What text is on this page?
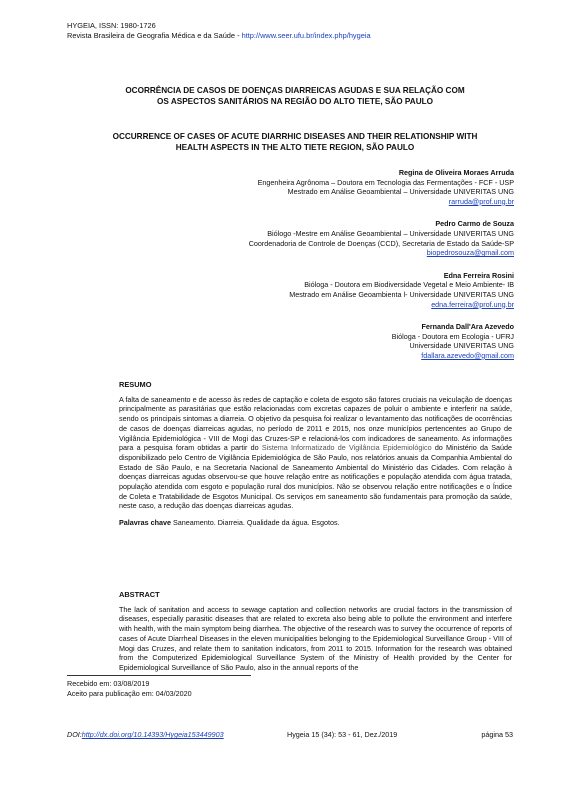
HYGEIA, ISSN: 1980-1726
Revista Brasileira de Geografia Médica e da Saúde - http://www.seer.ufu.br/index.php/hygeia
OCORRÊNCIA DE CASOS DE DOENÇAS DIARREICAS AGUDAS E SUA RELAÇÃO COM
OS ASPECTOS SANITÁRIOS NA REGIÃO DO ALTO TIETE, SÃO PAULO
OCCURRENCE OF CASES OF ACUTE DIARRHIC DISEASES AND THEIR RELATIONSHIP WITH
HEALTH ASPECTS IN THE ALTO TIETE REGION, SÃO PAULO
Regina de Oliveira Moraes Arruda
Engenheira Agrônoma – Doutora em Tecnologia das Fermentações - FCF - USP
Mestrado em Análise Geoambiental – Universidade UNIVERITAS UNG
rarruda@prof.ung.br
Pedro Carmo de Souza
Biólogo -Mestre em Análise Geoambiental – Universidade UNIVERITAS UNG
Coordenadoria de Controle de Doenças (CCD), Secretaria de Estado da Saúde-SP
biopedrosouza@gmail.com
Edna Ferreira Rosini
Bióloga - Doutora em Biodiversidade Vegetal e Meio Ambiente- IB
Mestrado em Análise Geoambienta l- Universidade UNIVERITAS UNG
edna.ferreira@prof.ung.br
Fernanda Dall'Ara Azevedo
Bióloga - Doutora em Ecologia - UFRJ
Universidade UNIVERITAS UNG
fdallara.azevedo@gmail.com
RESUMO

A falta de saneamento e de acesso às redes de captação e coleta de esgoto são fatores cruciais na veiculação de doenças principalmente as parasitárias que estão relacionadas com excretas capazes de poluir o ambiente e interferir na saúde, sendo os principais sintomas a diarreia. O objetivo da pesquisa foi realizar o levantamento das notificações de ocorrências de casos de doenças diarreicas agudas, no período de 2011 e 2015, nos onze municípios pertencentes ao Grupo de Vigilância Epidemiológica - VIII de Mogi das Cruzes-SP e relacioná-los com indicadores de saneamento. As informações para a pesquisa foram obtidas a partir do Sistema Informatizado de Vigilância Epidemiológico do Ministério da Saúde disponibilizado pelo Centro de Vigilância Epidemiológica de São Paulo, nos relatórios anuais da Companhia Ambiental do Estado de São Paulo, e na Secretaria Nacional de Saneamento Ambiental do Ministério das Cidades. Com relação à doenças diarreicas agudas observou-se que houve relação entre as notificações e população atendida com água tratada, população atendida com esgoto e população rural dos municípios. Não se observou relação entre notificações e o Índice de Coleta e Tratabilidade de Esgotos Municipal. Os serviços em saneamento são fundamentais para promoção da saúde, neste caso, a redução das doenças diarreicas agudas.

Palavras chave Saneamento. Diarreia. Qualidade da água. Esgotos.

ABSTRACT

The lack of sanitation and access to sewage captation and collection networks are crucial factors in the transmission of diseases, especially parasitic diseases that are related to excreta also being able to pollute the environment and interfere with health, with the main symptom being diarrhea. The objective of the research was to survey the occurrence of reports of cases of Acute Diarrheal Diseases in the eleven municipalities belonging to the Epidemiological Surveillance Group - VIII of Mogi das Cruzes, and relate them to sanitation indicators, from 2011 to 2015. Information for the research was obtained from the Computerized Epidemiological Surveillance System of the Ministry of Health provided by the Center for Epidemiological Surveillance of São Paulo, also in the annual reports of the

Recebido em: 03/08/2019
Aceito para publicação em: 04/03/2020
DOI:http://dx.doi.org/10.14393/Hygeia153449903	Hygeia 15 (34): 53 - 61, Dez./2019	página 53
